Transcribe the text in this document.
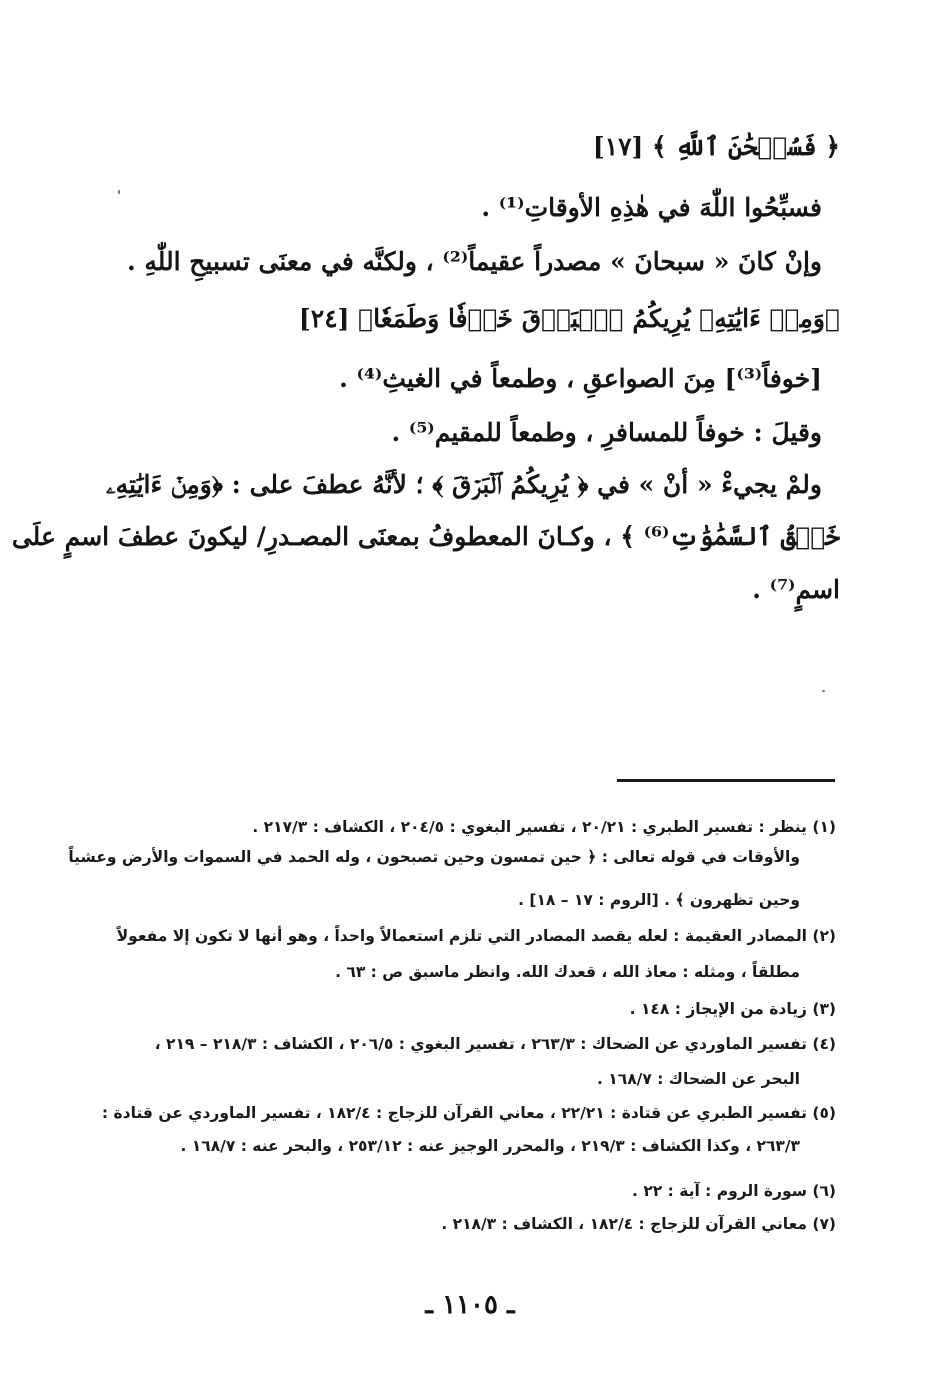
﴿ فَسُبۡحَٰنَ ٱللَّهِ ﴾ [١٧]
فسبِّحُوا اللّٰهَ في هٰذِهِ الأوقاتِ⁽¹⁾ .
وإنْ كانَ « سبحانَ » مصدراً عقيماً⁽²⁾ ، ولكنَّه في معنَى تسبيحِ اللّٰهِ .
﴿وَمِنۡ ءَايَٰتِهِۦ يُرِيكُمُ ٱلۡبَرۡقَ خَوۡفٗا وَطَمَعٗا﴾ [٢٤]
[خوفاً⁽³⁾] مِنَ الصواعقِ ، وطمعاً في الغيثِ⁽⁴⁾ .
وقيلَ : خوفاً للمسافرِ ، وطمعاً للمقيم⁽⁵⁾ .
ولمْ يجيءْ « أنْ » في ﴿ يُرِيكُمُ ٱلۡبَرۡقَ ﴾ ؛ لأنَّهُ عطفَ على : ﴿وَمِنۡ ءَايَٰتِهِۦ
خَلۡقُ ٱلسَّمَٰوَٰتِ⁽⁶⁾ ﴾ ، وكـانَ المعطوفُ بمعنَى المصـدرِ/ ليكونَ عطفَ اسمٍ علَى
اسمٍ⁽⁷⁾ .
(١) ينظر : تفسير الطبري : ٢٠/٢١ ، تفسير البغوي : ٢٠٤/٥ ، الكشاف : ٢١٧/٣ .
والأوقات في قوله تعالى : ﴿ حين تمسون وحين تصبحون ، وله الحمد في السموات والأرض وعشياً
وحين تظهرون ﴾ . [الروم : ١٧ – ١٨] .
(٢) المصادر العقيمة : لعله يقصد المصادر التي تلزم استعمالاً واحداً ، وهو أنها لا تكون إلا مفعولاً
مطلقاً ، ومثله : معاذ الله ، قعدك الله. وانظر ماسبق ص : ٦٣ .
(٣) زيادة من الإيجاز : ١٤٨ .
(٤) تفسير الماوردي عن الضحاك : ٢٦٣/٣ ، تفسير البغوي : ٢٠٦/٥ ، الكشاف : ٢١٨/٣ – ٢١٩ ،
البحر عن الضحاك : ١٦٨/٧ .
(٥) تفسير الطبري عن قتادة : ٢٢/٢١ ، معاني القرآن للزجاج : ١٨٢/٤ ، تفسير الماوردي عن قتادة :
٢٦٣/٣ ، وكذا الكشاف : ٢١٩/٣ ، والمحرر الوجيز عنه : ٢٥٣/١٢ ، والبحر عنه : ١٦٨/٧ .
(٦) سورة الروم : آية : ٢٢ .
(٧) معاني القرآن للزجاج : ١٨٢/٤ ، الكشاف : ٢١٨/٣ .
ـ ١١٠٥ ـ
